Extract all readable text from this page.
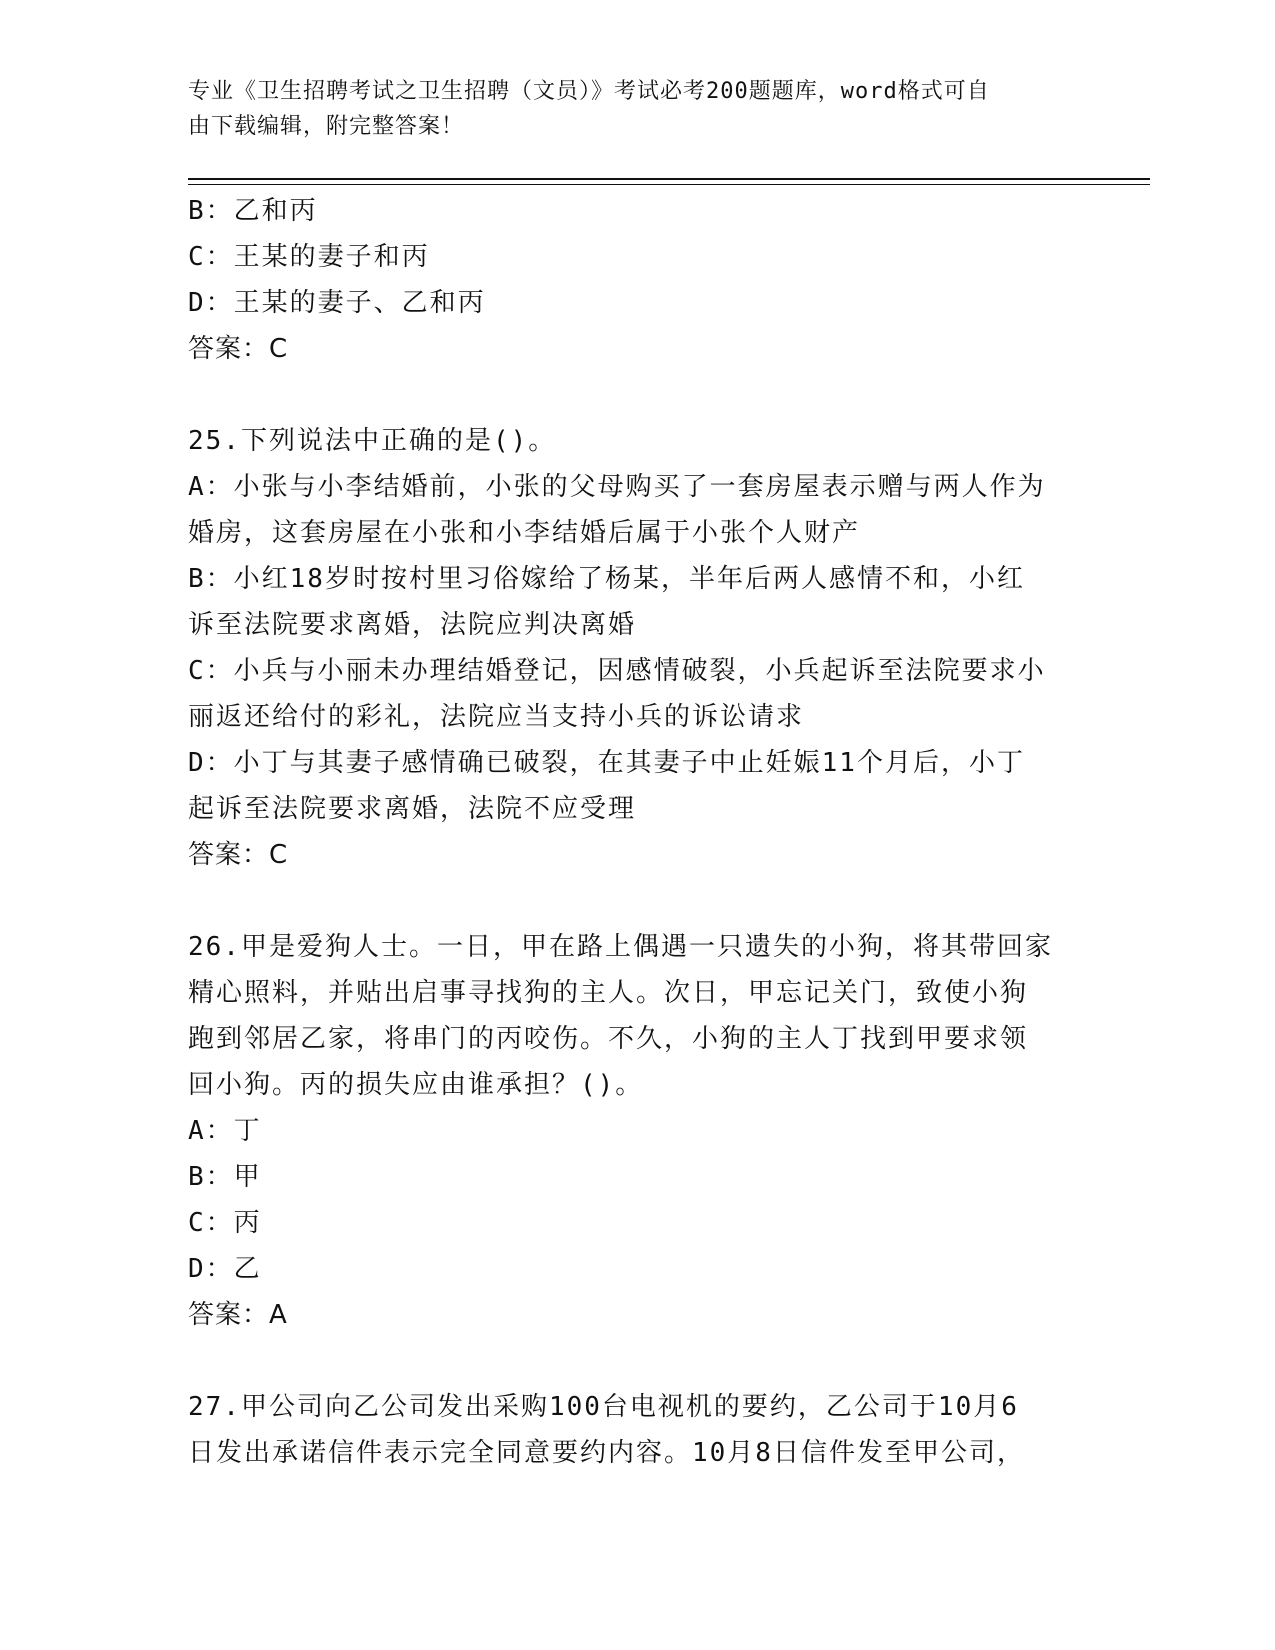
专业《卫生招聘考试之卫生招聘（文员）》考试必考200题题库，word格式可自
由下载编辑，附完整答案！

B：乙和丙

C：王某的妻子和丙

D：王某的妻子、乙和丙

答案：C

25.下列说法中正确的是()。

A：小张与小李结婚前，小张的父母购买了一套房屋表示赠与两人作为

婚房，这套房屋在小张和小李结婚后属于小张个人财产

B：小红18岁时按村里习俗嫁给了杨某，半年后两人感情不和，小红

诉至法院要求离婚，法院应判决离婚

C：小兵与小丽未办理结婚登记，因感情破裂，小兵起诉至法院要求小

丽返还给付的彩礼，法院应当支持小兵的诉讼请求

D：小丁与其妻子感情确已破裂，在其妻子中止妊娠11个月后，小丁

起诉至法院要求离婚，法院不应受理

答案：C

26.甲是爱狗人士。一日，甲在路上偶遇一只遗失的小狗，将其带回家

精心照料，并贴出启事寻找狗的主人。次日，甲忘记关门，致使小狗

跑到邻居乙家，将串门的丙咬伤。不久，小狗的主人丁找到甲要求领

回小狗。丙的损失应由谁承担？()。

A：丁

B：甲

C：丙

D：乙

答案：A

27.甲公司向乙公司发出采购100台电视机的要约，乙公司于10月6

日发出承诺信件表示完全同意要约内容。10月8日信件发至甲公司，
